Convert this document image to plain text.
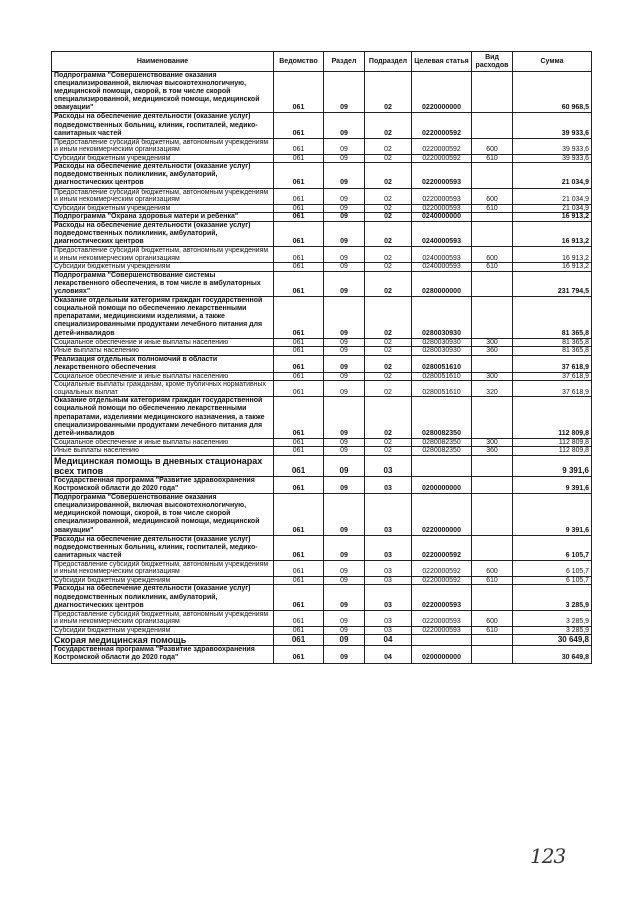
Наименование	Ведомство	Раздел	Подраздел	Целевая статья	Вид расходов	Сумма
Подпрограмма "Совершенствование оказания специализированной, включая высокотехнологичную, медицинской помощи, скорой, в том числе скорой специализированной, медицинской помощи, медицинской эвакуации"	061	09	02	0220000000		60 968,5
Расходы на обеспечение деятельности (оказание услуг) подведомственных больниц, клиник, госпиталей, медико-санитарных частей	061	09	02	0220000592		39 933,6
Предоставление субсидий бюджетным, автономным учреждениям и иным некоммерческим организациям	061	09	02	0220000592	600	39 933,6
Субсидии бюджетным учреждениям	061	09	02	0220000592	610	39 933,6
Расходы на обеспечение деятельности (оказание услуг) подведомственных поликлиник, амбулаторий, диагностических центров	061	09	02	0220000593		21 034,9
Предоставление субсидий бюджетным, автономным учреждениям и иным некоммерческим организациям	061	09	02	0220000593	600	21 034,9
Субсидии бюджетным учреждениям	061	09	02	0220000593	610	21 034,9
Подпрограмма "Охрана здоровья матери и ребенка"	061	09	02	0240000000		16 913,2
Расходы на обеспечение деятельности (оказание услуг) подведомственных поликлиник, амбулаторий, диагностических центров	061	09	02	0240000593		16 913,2
Предоставление субсидий бюджетным, автономным учреждениям и иным некоммерческим организациям	061	09	02	0240000593	600	16 913,2
Субсидии бюджетным учреждениям	061	09	02	0240000593	610	16 913,2
Подпрограмма "Совершенствование системы лекарственного обеспечения, в том числе в амбулаторных условиях"	061	09	02	0280000000		231 794,5
Оказание отдельным категориям граждан государственной социальной помощи по обеспечению лекарственными препаратами, медицинскими изделиями, а также специализированными продуктами лечебного питания для детей-инвалидов	061	09	02	0280030930		81 365,8
Социальное обеспечение и иные выплаты населению	061	09	02	0280030930	300	81 365,8
Иные выплаты населению	061	09	02	0280030930	360	81 365,8
Реализация отдельных полномочий в области лекарственного обеспечения	061	09	02	0280051610		37 618,9
Социальное обеспечение и иные выплаты населению	061	09	02	0280051610	300	37 618,9
Социальные выплаты гражданам, кроме публичных нормативных социальных выплат	061	09	02	0280051610	320	37 618,9
Оказание отдельным категориям граждан государственной социальной помощи по обеспечению лекарственными препаратами, изделиями медицинского назначения, а также специализированными продуктами лечебного питания для детей-инвалидов	061	09	02	0280082350		112 809,8
Социальное обеспечение и иные выплаты населению	061	09	02	0280082350	300	112 809,8
Иные выплаты населению	061	09	02	0280082350	360	112 809,8
Медицинская помощь в дневных стационарах всех типов	061	09	03			9 391,6
Государственная программа "Развитие здравоохранения Костромской области до 2020 года"	061	09	03	0200000000		9 391,6
Подпрограмма "Совершенствование оказания специализированной, включая высокотехнологичную, медицинской помощи, скорой, в том числе скорой специализированной, медицинской помощи, медицинской эвакуации"	061	09	03	0220000000		9 391,6
Расходы на обеспечение деятельности (оказание услуг) подведомственных больниц, клиник, госпиталей, медико-санитарных частей	061	09	03	0220000592		6 105,7
Предоставление субсидий бюджетным, автономным учреждениям и иным некоммерческим организациям	061	09	03	0220000592	600	6 105,7
Субсидии бюджетным учреждениям	061	09	03	0220000592	610	6 105,7
Расходы на обеспечение деятельности (оказание услуг) подведомственных поликлиник, амбулаторий, диагностических центров	061	09	03	0220000593		3 285,9
Предоставление субсидий бюджетным, автономным учреждениям и иным некоммерческим организациям	061	09	03	0220000593	600	3 285,9
Субсидии бюджетным учреждениям	061	09	03	0220000593	610	3 285,9
Скорая медицинская помощь	061	09	04			30 649,8
Государственная программа "Развитие здравоохранения Костромской области до 2020 года"	061	09	04	0200000000		30 649,8
123
